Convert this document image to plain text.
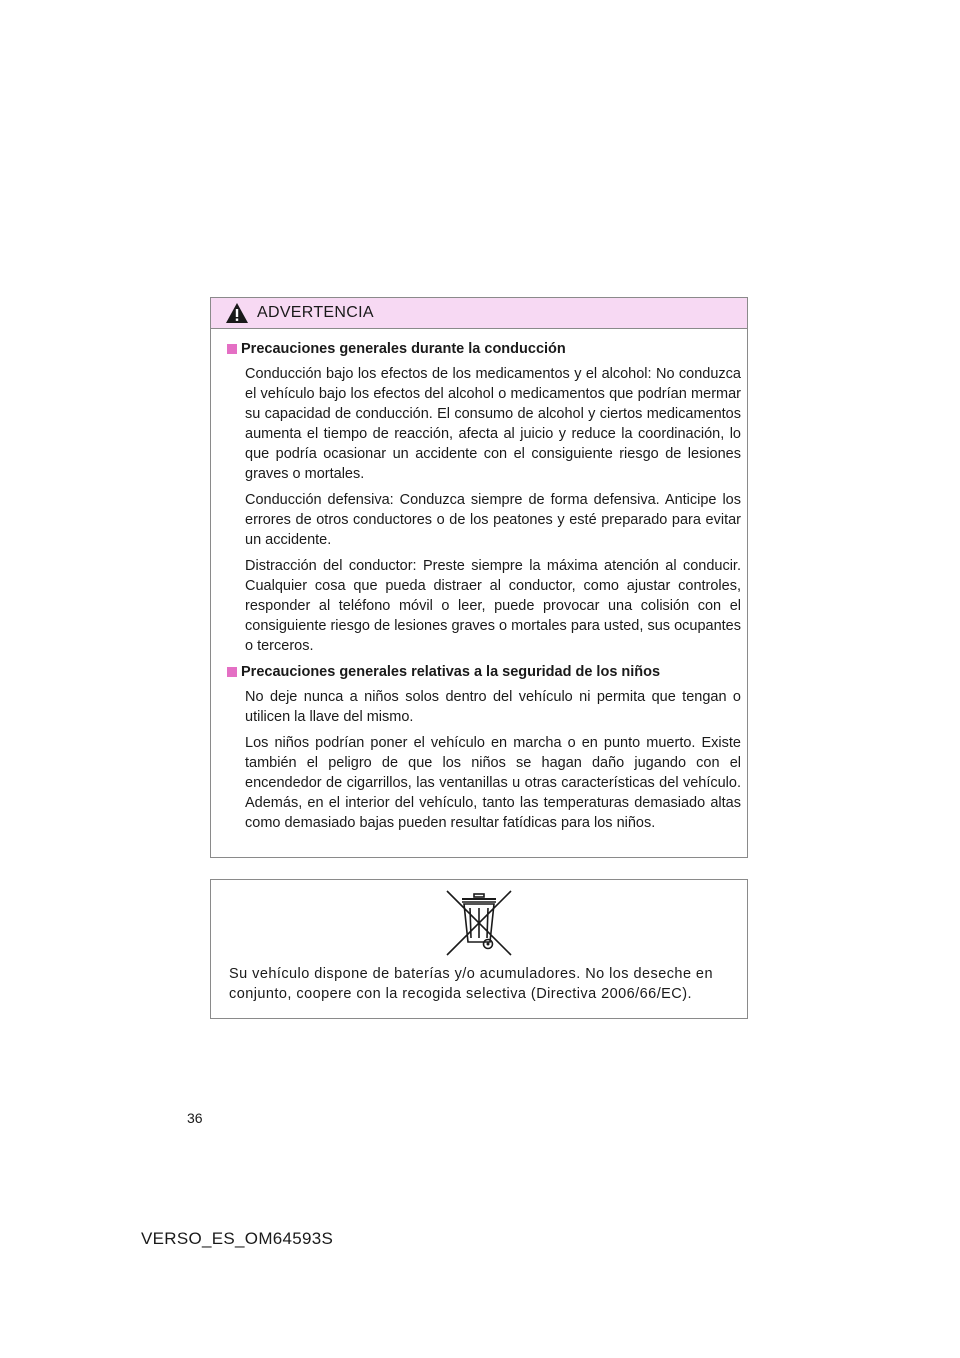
ADVERTENCIA
Precauciones generales durante la conducción

Conducción bajo los efectos de los medicamentos y el alcohol: No conduzca el vehículo bajo los efectos del alcohol o medicamentos que podrían mermar su capacidad de conducción. El consumo de alcohol y ciertos medicamentos aumenta el tiempo de reacción, afecta al juicio y reduce la coordinación, lo que podría ocasionar un accidente con el consiguiente riesgo de lesiones graves o mortales.

Conducción defensiva: Conduzca siempre de forma defensiva. Anticipe los errores de otros conductores o de los peatones y esté preparado para evitar un accidente.

Distracción del conductor: Preste siempre la máxima atención al conducir. Cualquier cosa que pueda distraer al conductor, como ajustar controles, responder al teléfono móvil o leer, puede provocar una colisión con el consiguiente riesgo de lesiones graves o mortales para usted, sus ocupantes o terceros.

Precauciones generales relativas a la seguridad de los niños

No deje nunca a niños solos dentro del vehículo ni permita que tengan o utilicen la llave del mismo.

Los niños podrían poner el vehículo en marcha o en punto muerto. Existe también el peligro de que los niños se hagan daño jugando con el encendedor de cigarrillos, las ventanillas u otras características del vehículo. Además, en el interior del vehículo, tanto las temperaturas demasiado altas como demasiado bajas pueden resultar fatídicas para los niños.

Su vehículo dispone de baterías y/o acumuladores. No los deseche en conjunto, coopere con la recogida selectiva (Directiva 2006/66/EC).
36
VERSO_ES_OM64593S
